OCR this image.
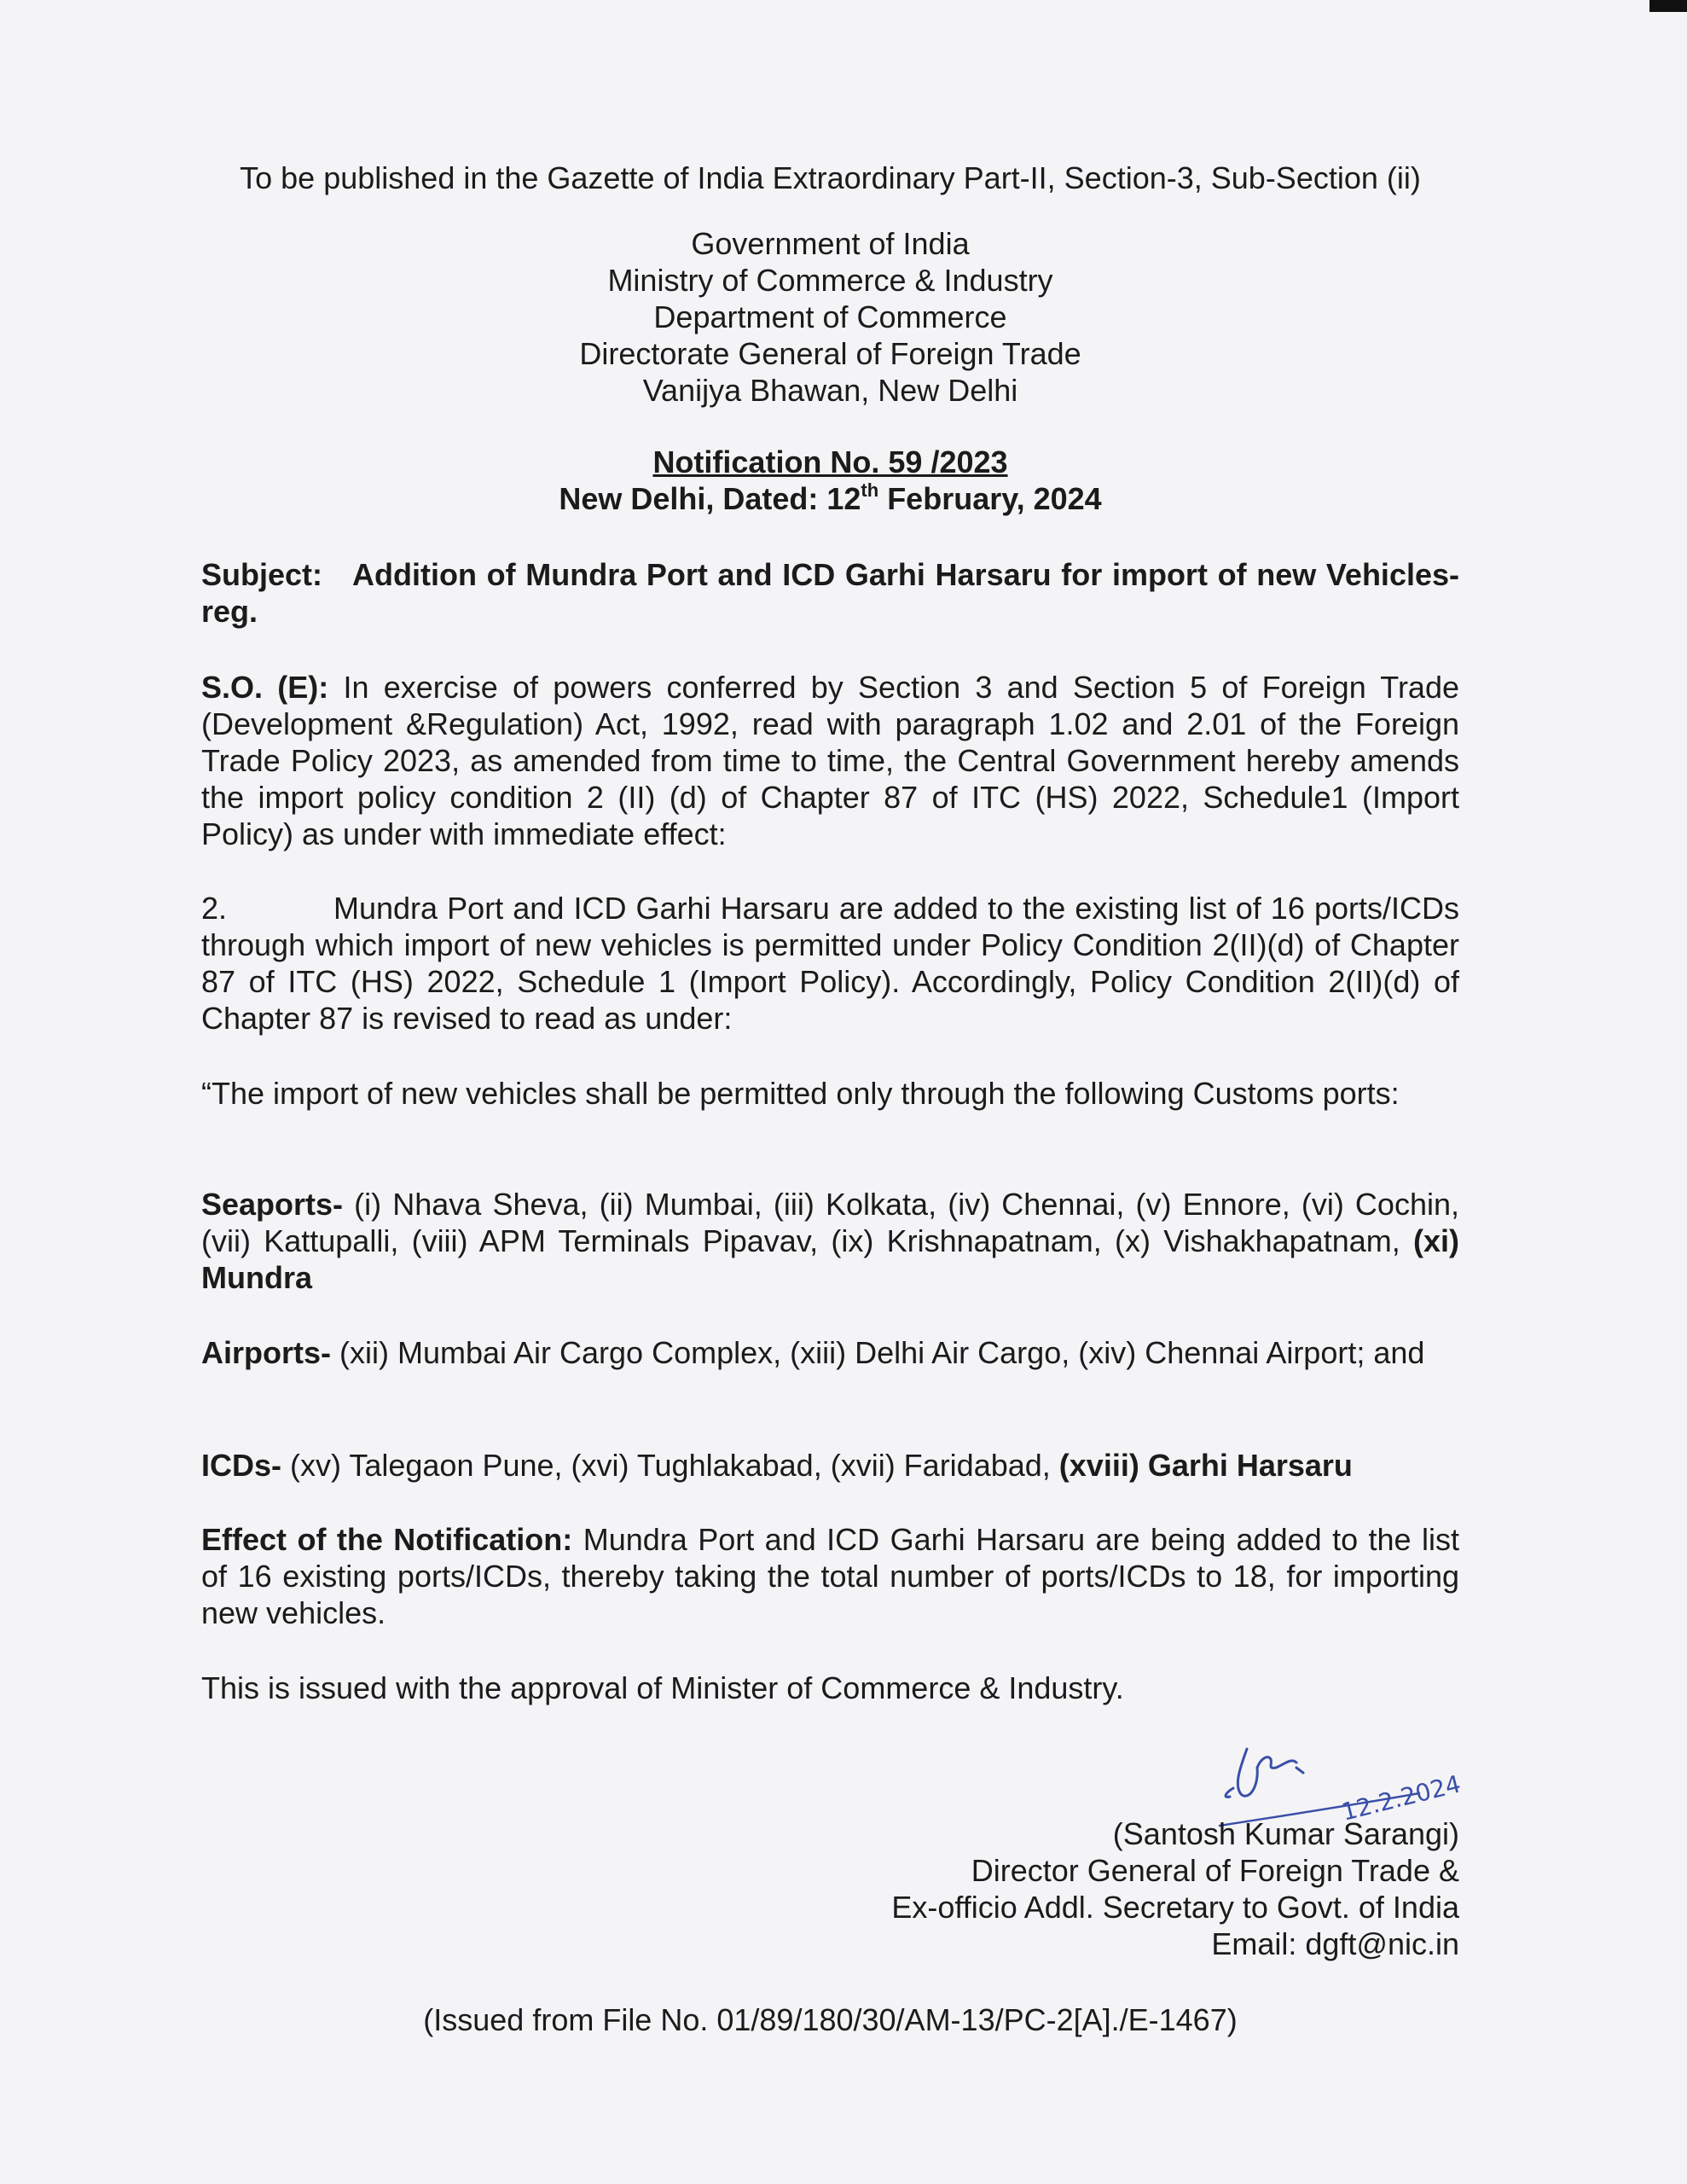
To be published in the Gazette of India Extraordinary Part-II, Section-3, Sub-Section (ii)
Government of India
Ministry of Commerce & Industry
Department of Commerce
Directorate General of Foreign Trade
Vanijya Bhawan, New Delhi
Notification No. 59 /2023
New Delhi, Dated: 12th February, 2024
Subject: Addition of Mundra Port and ICD Garhi Harsaru for import of new Vehicles-reg.
S.O. (E): In exercise of powers conferred by Section 3 and Section 5 of Foreign Trade (Development &Regulation) Act, 1992, read with paragraph 1.02 and 2.01 of the Foreign Trade Policy 2023, as amended from time to time, the Central Government hereby amends the import policy condition 2 (II) (d) of Chapter 87 of ITC (HS) 2022, Schedule1 (Import Policy) as under with immediate effect:
2.	Mundra Port and ICD Garhi Harsaru are added to the existing list of 16 ports/ICDs through which import of new vehicles is permitted under Policy Condition 2(II)(d) of Chapter 87 of ITC (HS) 2022, Schedule 1 (Import Policy). Accordingly, Policy Condition 2(II)(d) of Chapter 87 is revised to read as under:
“The import of new vehicles shall be permitted only through the following Customs ports:
Seaports- (i) Nhava Sheva, (ii) Mumbai, (iii) Kolkata, (iv) Chennai, (v) Ennore, (vi) Cochin, (vii) Kattupalli, (viii) APM Terminals Pipavav, (ix) Krishnapatnam, (x) Vishakhapatnam, (xi) Mundra
Airports- (xii) Mumbai Air Cargo Complex, (xiii) Delhi Air Cargo, (xiv) Chennai Airport; and
ICDs- (xv) Talegaon Pune, (xvi) Tughlakabad, (xvii) Faridabad, (xviii) Garhi Harsaru
Effect of the Notification: Mundra Port and ICD Garhi Harsaru are being added to the list of 16 existing ports/ICDs, thereby taking the total number of ports/ICDs to 18, for importing new vehicles.
This is issued with the approval of Minister of Commerce & Industry.
12.2.2024
(Santosh Kumar Sarangi)
Director General of Foreign Trade &
Ex-officio Addl. Secretary to Govt. of India
Email: dgft@nic.in
(Issued from File No. 01/89/180/30/AM-13/PC-2[A]./E-1467)
